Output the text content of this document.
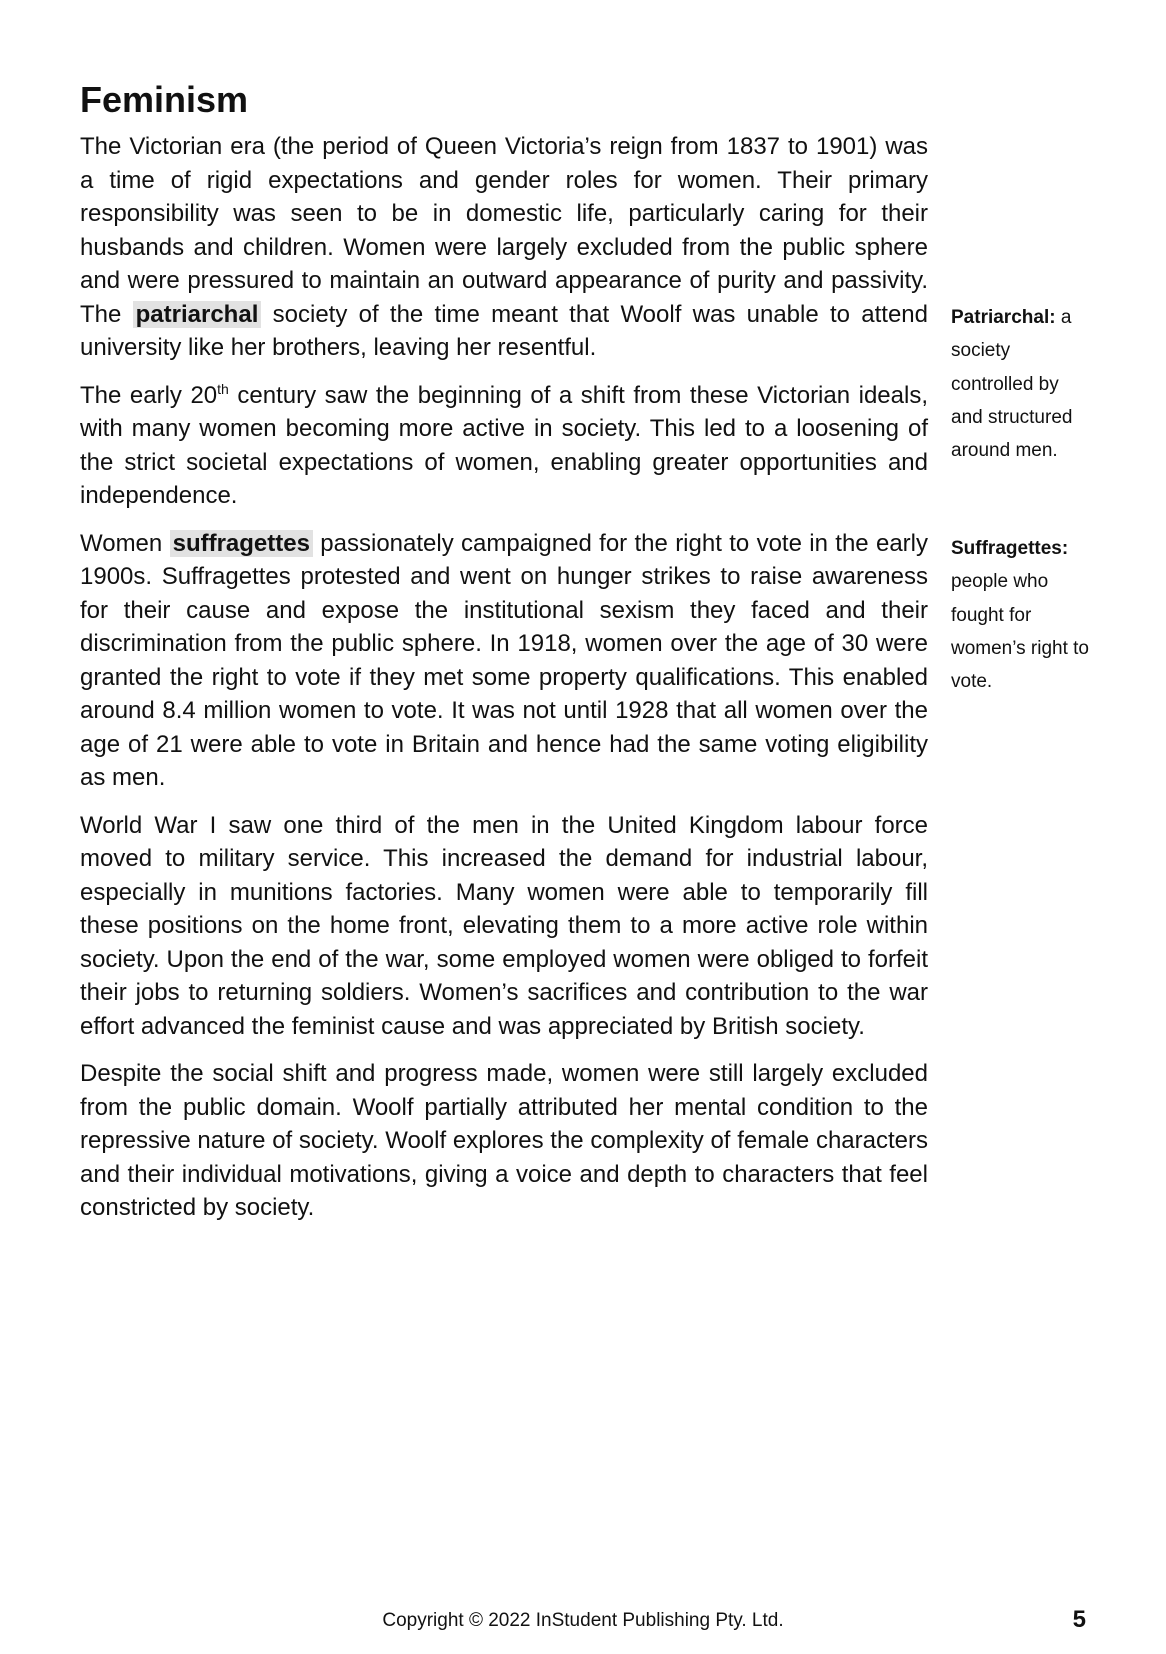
Feminism

The Victorian era (the period of Queen Victoria’s reign from 1837 to 1901) was a time of rigid expectations and gender roles for women. Their primary responsibility was seen to be in domestic life, particularly caring for their husbands and children. Women were largely excluded from the public sphere and were pressured to maintain an outward appearance of purity and passivity. The patriarchal society of the time meant that Woolf was unable to attend university like her brothers, leaving her resentful.

The early 20th century saw the beginning of a shift from these Victorian ideals, with many women becoming more active in society. This led to a loosening of the strict societal expectations of women, enabling greater opportunities and independence.

Women suffragettes passionately campaigned for the right to vote in the early 1900s. Suffragettes protested and went on hunger strikes to raise awareness for their cause and expose the institutional sexism they faced and their discrimination from the public sphere. In 1918, women over the age of 30 were granted the right to vote if they met some property qualifications. This enabled around 8.4 million women to vote. It was not until 1928 that all women over the age of 21 were able to vote in Britain and hence had the same voting eligibility as men.

World War I saw one third of the men in the United Kingdom labour force moved to military service. This increased the demand for industrial labour, especially in munitions factories. Many women were able to temporarily fill these positions on the home front, elevating them to a more active role within society. Upon the end of the war, some employed women were obliged to forfeit their jobs to returning soldiers. Women’s sacrifices and contribution to the war effort advanced the feminist cause and was appreciated by British society.

Despite the social shift and progress made, women were still largely excluded from the public domain. Woolf partially attributed her mental condition to the repressive nature of society. Woolf explores the complexity of female characters and their individual motivations, giving a voice and depth to characters that feel constricted by society.

Patriarchal: a society controlled by and structured around men.
Suffragettes: people who fought for women’s right to vote.
Copyright © 2022 InStudent Publishing Pty. Ltd.	5
